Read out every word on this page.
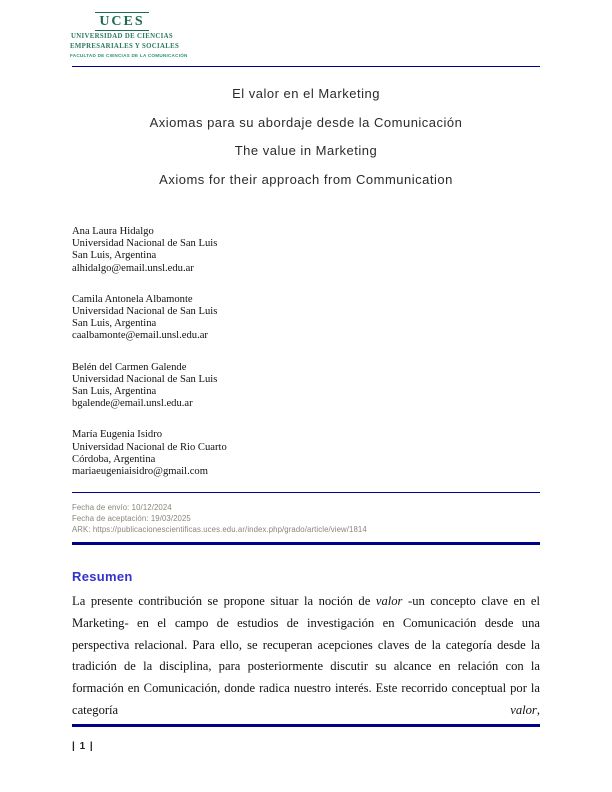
UCES
UNIVERSIDAD DE CIENCIAS
EMPRESARIALES Y SOCIALES
FACULTAD DE CIENCIAS DE LA COMUNICACIÓN
El valor en el Marketing
Axiomas para su abordaje desde la Comunicación
The value in Marketing
Axioms for their approach from Communication
Ana Laura Hidalgo
Universidad Nacional de San Luis
San Luis, Argentina
alhidalgo@email.unsl.edu.ar
Camila Antonela Albamonte
Universidad Nacional de San Luis
San Luis, Argentina
caalbamonte@email.unsl.edu.ar
Belén del Carmen Galende
Universidad Nacional de San Luis
San Luis, Argentina
bgalende@email.unsl.edu.ar
María Eugenia Isidro
Universidad Nacional de Rio Cuarto
Córdoba, Argentina
mariaeugeniaisidro@gmail.com
Fecha de envío: 10/12/2024
Fecha de aceptación: 19/03/2025
ARK: https://publicacionescientificas.uces.edu.ar/index.php/grado/article/view/1814
Resumen
La presente contribución se propone situar la noción de valor -un concepto clave en el Marketing- en el campo de estudios de investigación en Comunicación desde una perspectiva relacional. Para ello, se recuperan acepciones claves de la categoría desde la tradición de la disciplina, para posteriormente discutir su alcance en relación con la formación en Comunicación, donde radica nuestro interés. Este recorrido conceptual por la categoría valor,
| 1 |
